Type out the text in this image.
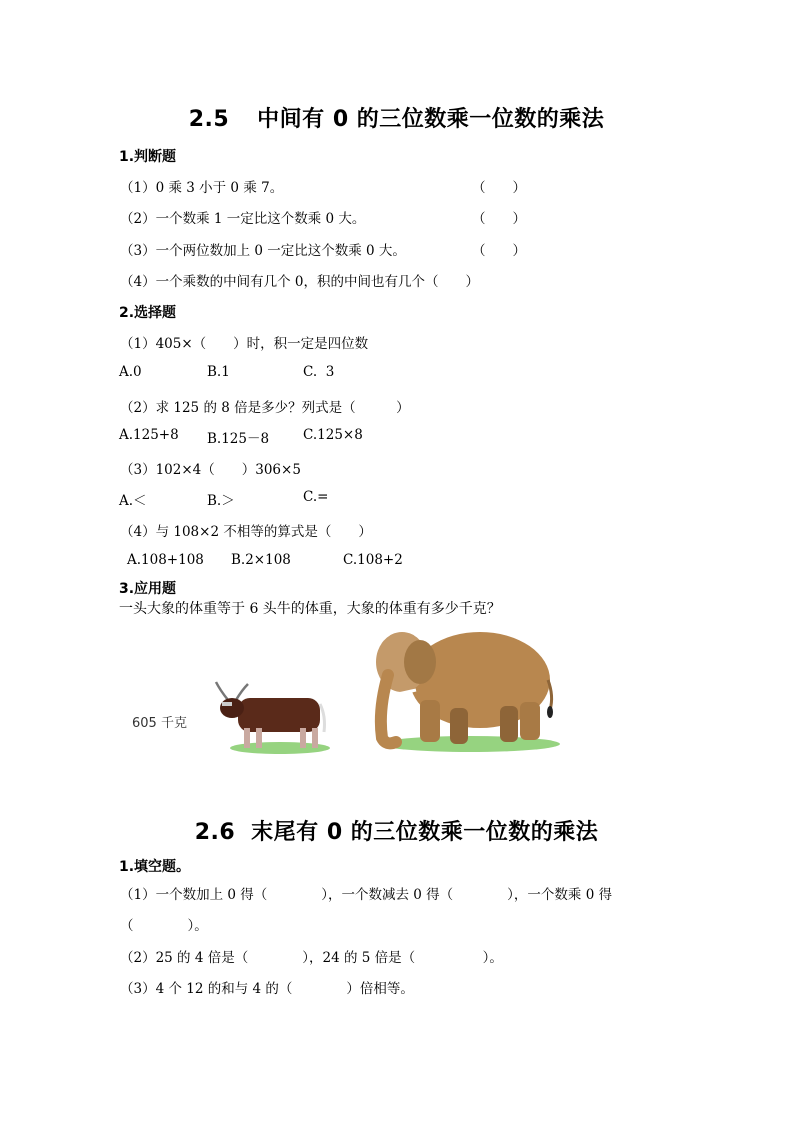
2.5 中间有 0 的三位数乘一位数的乘法
1.判断题
（1）0 乘 3 小于 0 乘 7。	（　　）
（2）一个数乘 1 一定比这个数乘 0 大。	（　　）
（3）一个两位数加上 0 一定比这个数乘 0 大。	（　　）
（4）一个乘数的中间有几个 0，积的中间也有几个（　　）
2.选择题
（1）405×（　　）时，积一定是四位数
A.0	B.1	C.  3
（2）求 125 的 8 倍是多少？列式是（　　　）
A.125+8 B.125－8	C.125×8
（3）102×4（　　）306×5
A.＜	B.＞	C.=
（4）与 108×2 不相等的算式是（　　）
A.108+108 B.2×108	C.108+2
3.应用题
一头大象的体重等于 6 头牛的体重，大象的体重有多少千克？
605 千克
2.6 末尾有 0 的三位数乘一位数的乘法
1.填空题。
（1）一个数加上 0 得（　　　　），一个数减去 0 得（　　　　），一个数乘 0 得
（　　　　）。
（2）25 的 4 倍是（　　　　），24 的 5 倍是（　　　　　）。
（3）4 个 12 的和与 4 的（　　　　）倍相等。
